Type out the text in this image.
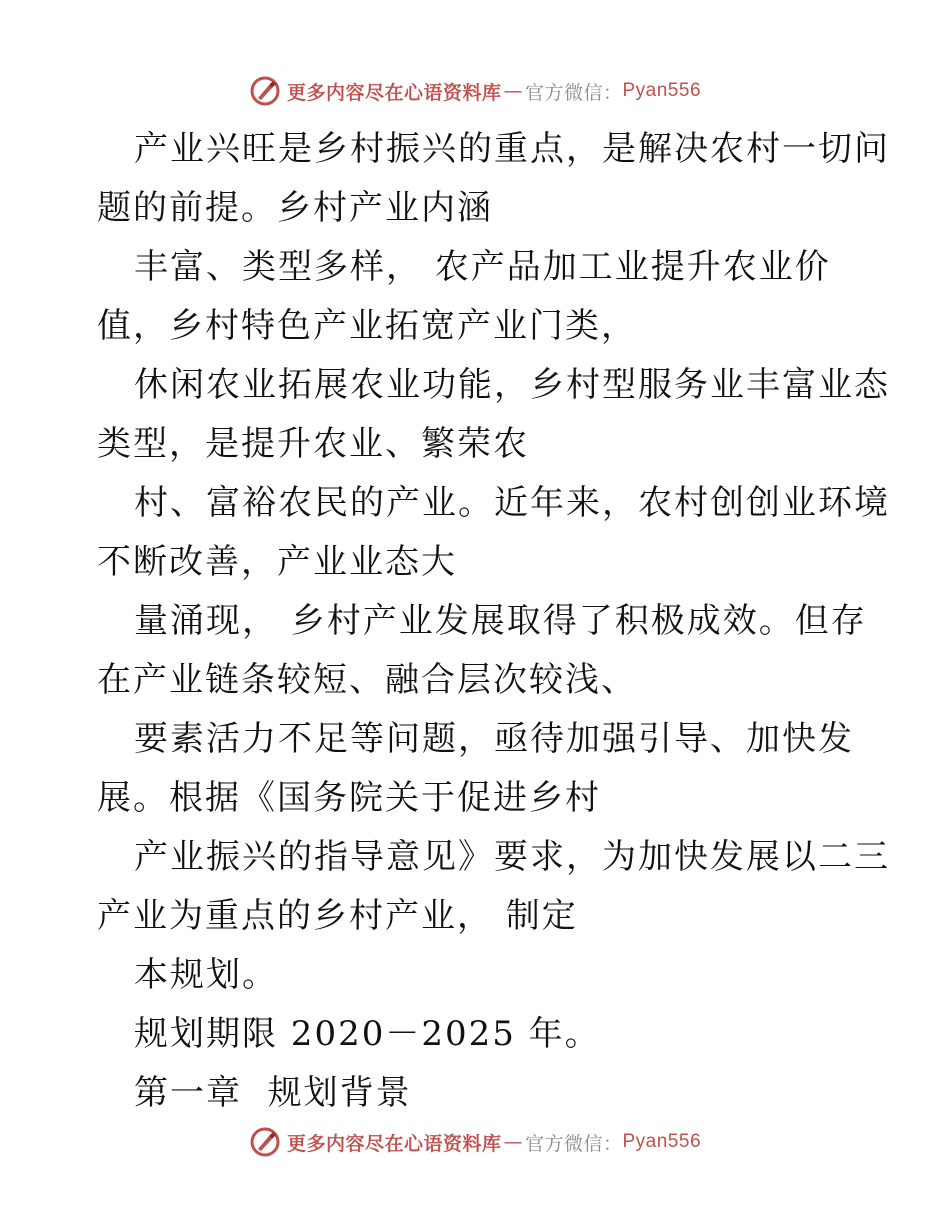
更多内容尽在心语资料库 — 官方微信： Pyan556
产业兴旺是乡村振兴的重点，是解决农村一切问
题的前提。乡村产业内涵
丰富、类型多样， 农产品加工业提升农业价
值，乡村特色产业拓宽产业门类，
休闲农业拓展农业功能，乡村型服务业丰富业态
类型，是提升农业、繁荣农
村、富裕农民的产业。近年来，农村创创业环境
不断改善，产业业态大
量涌现， 乡村产业发展取得了积极成效。但存
在产业链条较短、融合层次较浅、
要素活力不足等问题，亟待加强引导、加快发
展。根据《国务院关于促进乡村
产业振兴的指导意见》要求，为加快发展以二三
产业为重点的乡村产业， 制定
本规划。
规划期限 2020－2025 年。
第一章  规划背景
更多内容尽在心语资料库 — 官方微信： Pyan556
